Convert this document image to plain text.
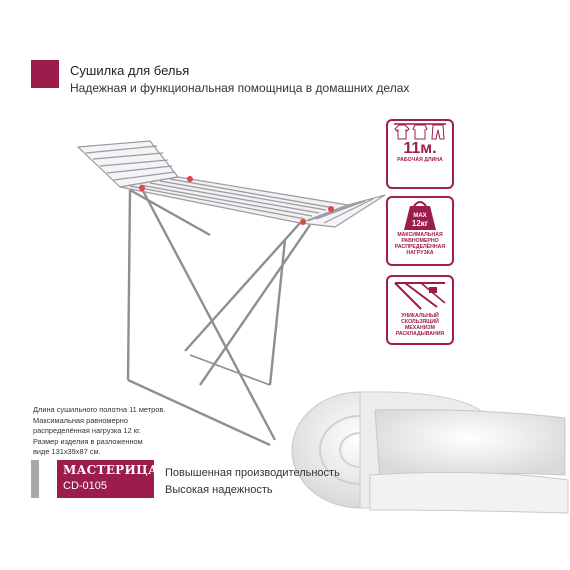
Сушилка для белья
Надежная и функциональная помощница в домашних делах
11м.
РАБОЧАЯ ДЛИНА
MAX
12кг
МАКСИМАЛЬНАЯ РАВНОМЕРНО РАСПРЕДЕЛЁННАЯ НАГРУЗКА
УНИКАЛЬНЫЙ СКОЛЬЗЯЩИЙ МЕХАНИЗМ РАСКЛАДЫВАНИЯ
Длина сушильного полотна 11 метров.
Максимальная равномерно
распределённая нагрузка 12 кг.
Размер изделия в разложенном
виде 131х39х87 см.
МАСТЕРИЦА
CD-0105
Повышенная производительность
Высокая надежность
